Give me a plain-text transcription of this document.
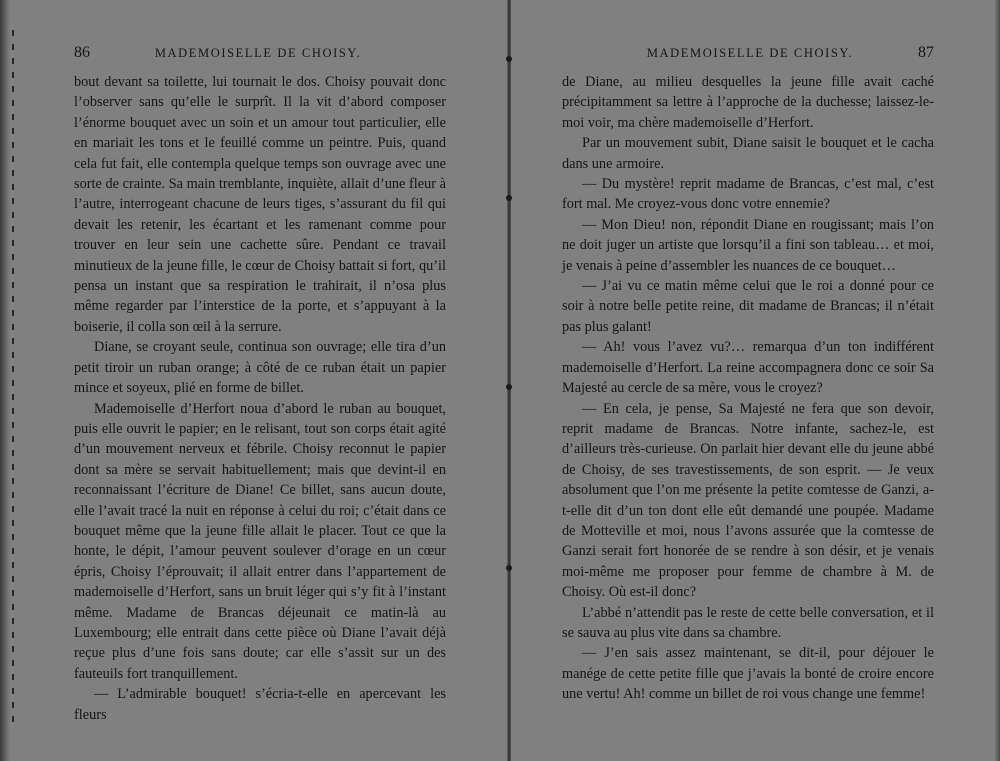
86	MADEMOISELLE DE CHOISY.

bout devant sa toilette, lui tournait le dos. Choisy pouvait donc l’observer sans qu’elle le surprît. Il la vit d’abord composer l’énorme bouquet avec un soin et un amour tout particulier, elle en mariait les tons et le feuillé comme un peintre. Puis, quand cela fut fait, elle contempla quelque temps son ouvrage avec une sorte de crainte. Sa main tremblante, inquiète, allait d’une fleur à l’autre, interrogeant chacune de leurs tiges, s’assurant du fil qui devait les retenir, les écartant et les ramenant comme pour trouver en leur sein une cachette sûre. Pendant ce travail minutieux de la jeune fille, le cœur de Choisy battait si fort, qu’il pensa un instant que sa respiration le trahirait, il n’osa plus même regarder par l’interstice de la porte, et s’appuyant à la boiserie, il colla son œil à la serrure.

Diane, se croyant seule, continua son ouvrage; elle tira d’un petit tiroir un ruban orange; à côté de ce ruban était un papier mince et soyeux, plié en forme de billet.

Mademoiselle d’Herfort noua d’abord le ruban au bouquet, puis elle ouvrit le papier; en le relisant, tout son corps était agité d’un mouvement nerveux et fébrile. Choisy reconnut le papier dont sa mère se servait habituellement; mais que devint-il en reconnaissant l’écriture de Diane! Ce billet, sans aucun doute, elle l’avait tracé la nuit en réponse à celui du roi; c’était dans ce bouquet même que la jeune fille allait le placer. Tout ce que la honte, le dépit, l’amour peuvent soulever d’orage en un cœur épris, Choisy l’éprouvait; il allait entrer dans l’appartement de mademoiselle d’Herfort, sans un bruit léger qui s’y fit à l’instant même. Madame de Brancas déjeunait ce matin-là au Luxembourg; elle entrait dans cette pièce où Diane l’avait déjà reçue plus d’une fois sans doute; car elle s’assit sur un des fauteuils fort tranquillement.

— L’admirable bouquet! s’écria-t-elle en apercevant les fleurs

MADEMOISELLE DE CHOISY.	87

de Diane, au milieu desquelles la jeune fille avait caché précipitamment sa lettre à l’approche de la duchesse; laissez-le-moi voir, ma chère mademoiselle d’Herfort.

Par un mouvement subit, Diane saisit le bouquet et le cacha dans une armoire.

— Du mystère! reprit madame de Brancas, c’est mal, c’est fort mal. Me croyez-vous donc votre ennemie?

— Mon Dieu! non, répondit Diane en rougissant; mais l’on ne doit juger un artiste que lorsqu’il a fini son tableau… et moi, je venais à peine d’assembler les nuances de ce bouquet…

— J’ai vu ce matin même celui que le roi a donné pour ce soir à notre belle petite reine, dit madame de Brancas; il n’était pas plus galant!

— Ah! vous l’avez vu?… remarqua d’un ton indifférent mademoiselle d’Herfort. La reine accompagnera donc ce soir Sa Majesté au cercle de sa mère, vous le croyez?

— En cela, je pense, Sa Majesté ne fera que son devoir, reprit madame de Brancas. Notre infante, sachez-le, est d’ailleurs très-curieuse. On parlait hier devant elle du jeune abbé de Choisy, de ses travestissements, de son esprit. — Je veux absolument que l’on me présente la petite comtesse de Ganzi, a-t-elle dit d’un ton dont elle eût demandé une poupée. Madame de Motteville et moi, nous l’avons assurée que la comtesse de Ganzi serait fort honorée de se rendre à son désir, et je venais moi-même me proposer pour femme de chambre à M. de Choisy. Où est-il donc?

L’abbé n’attendit pas le reste de cette belle conversation, et il se sauva au plus vite dans sa chambre.

— J’en sais assez maintenant, se dit-il, pour déjouer le manége de cette petite fille que j’avais la bonté de croire encore une vertu! Ah! comme un billet de roi vous change une femme!
